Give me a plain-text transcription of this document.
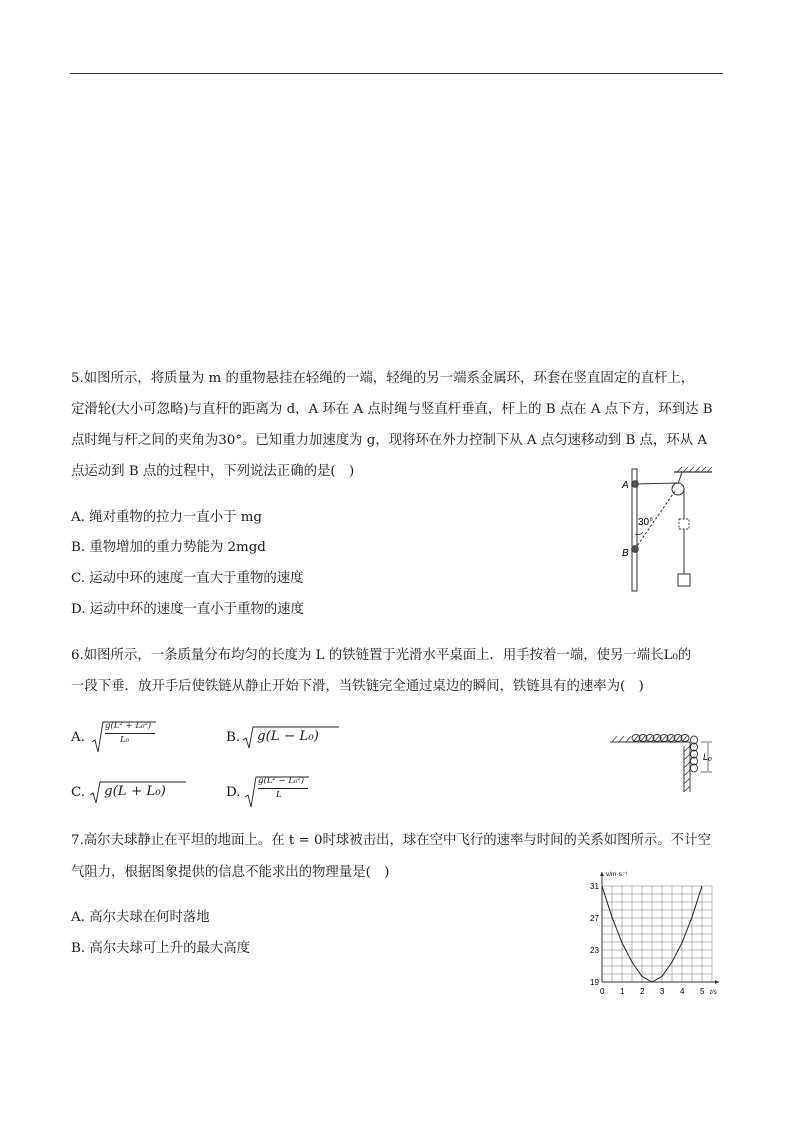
5.如图所示，将质量为 m 的重物悬挂在轻绳的一端，轻绳的另一端系金属环，环套在竖直固定的直杆上，
定滑轮(大小可忽略)与直杆的距离为 d，A 环在 A 点时绳与竖直杆垂直，杆上的 B 点在 A 点下方，环到达 B
点时绳与杆之间的夹角为30°。已知重力加速度为 g，现将环在外力控制下从 A 点匀速移动到 B 点，环从 A
点运动到 B 点的过程中，下列说法正确的是(　)
A. 绳对重物的拉力一直小于 mg
B. 重物增加的重力势能为 2mgd
C. 运动中环的速度一直大于重物的速度
D. 运动中环的速度一直小于重物的速度
A
B
30°
6.如图所示，一条质量分布均匀的长度为 L 的铁链置于光滑水平桌面上．用手按着一端，使另一端长L₀的
一段下垂．放开手后使铁链从静止开始下滑，当铁链完全通过桌边的瞬间，铁链具有的速率为(　)
A.
g(L² + L₀²)
L₀	B. g(L − L₀)
C. g(L + L₀)	D.
g(L² − L₀²)
L
L₀
7.高尔夫球静止在平坦的地面上。在 t = 0时球被击出，球在空中飞行的速率与时间的关系如图所示。不计空
气阻力，根据图象提供的信息不能求出的物理量是(　)
A. 高尔夫球在何时落地
B. 高尔夫球可上升的最大高度
v/m·s⁻¹
t/s
0 1 2 3 4 5
19
23
27
31
